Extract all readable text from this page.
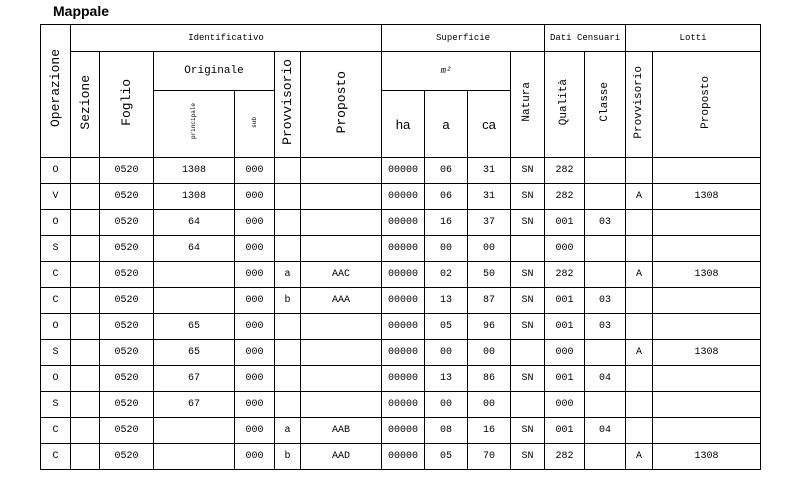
Mappale
Operazione	Identificativo						Superficie				Dati Censuari		Lotti	
	Sezione	Foglio	Originale		Provvisorio	Proposto	m²			Natura	Qualità	Classe	Provvisorio	Proposto
			principale	sub			ha	a	ca					
O		0520	1308	000			00000	06	31	SN	282			
V		0520	1308	000			00000	06	31	SN	282		A	1308
O		0520	64	000			00000	16	37	SN	001	03		
S		0520	64	000			00000	00	00		000			
C		0520		000	a	AAC	00000	02	50	SN	282		A	1308
C		0520		000	b	AAA	00000	13	87	SN	001	03		
O		0520	65	000			00000	05	96	SN	001	03		
S		0520	65	000			00000	00	00		000		A	1308
O		0520	67	000			00000	13	86	SN	001	04		
S		0520	67	000			00000	00	00		000			
C		0520		000	a	AAB	00000	08	16	SN	001	04		
C		0520		000	b	AAD	00000	05	70	SN	282		A	1308
